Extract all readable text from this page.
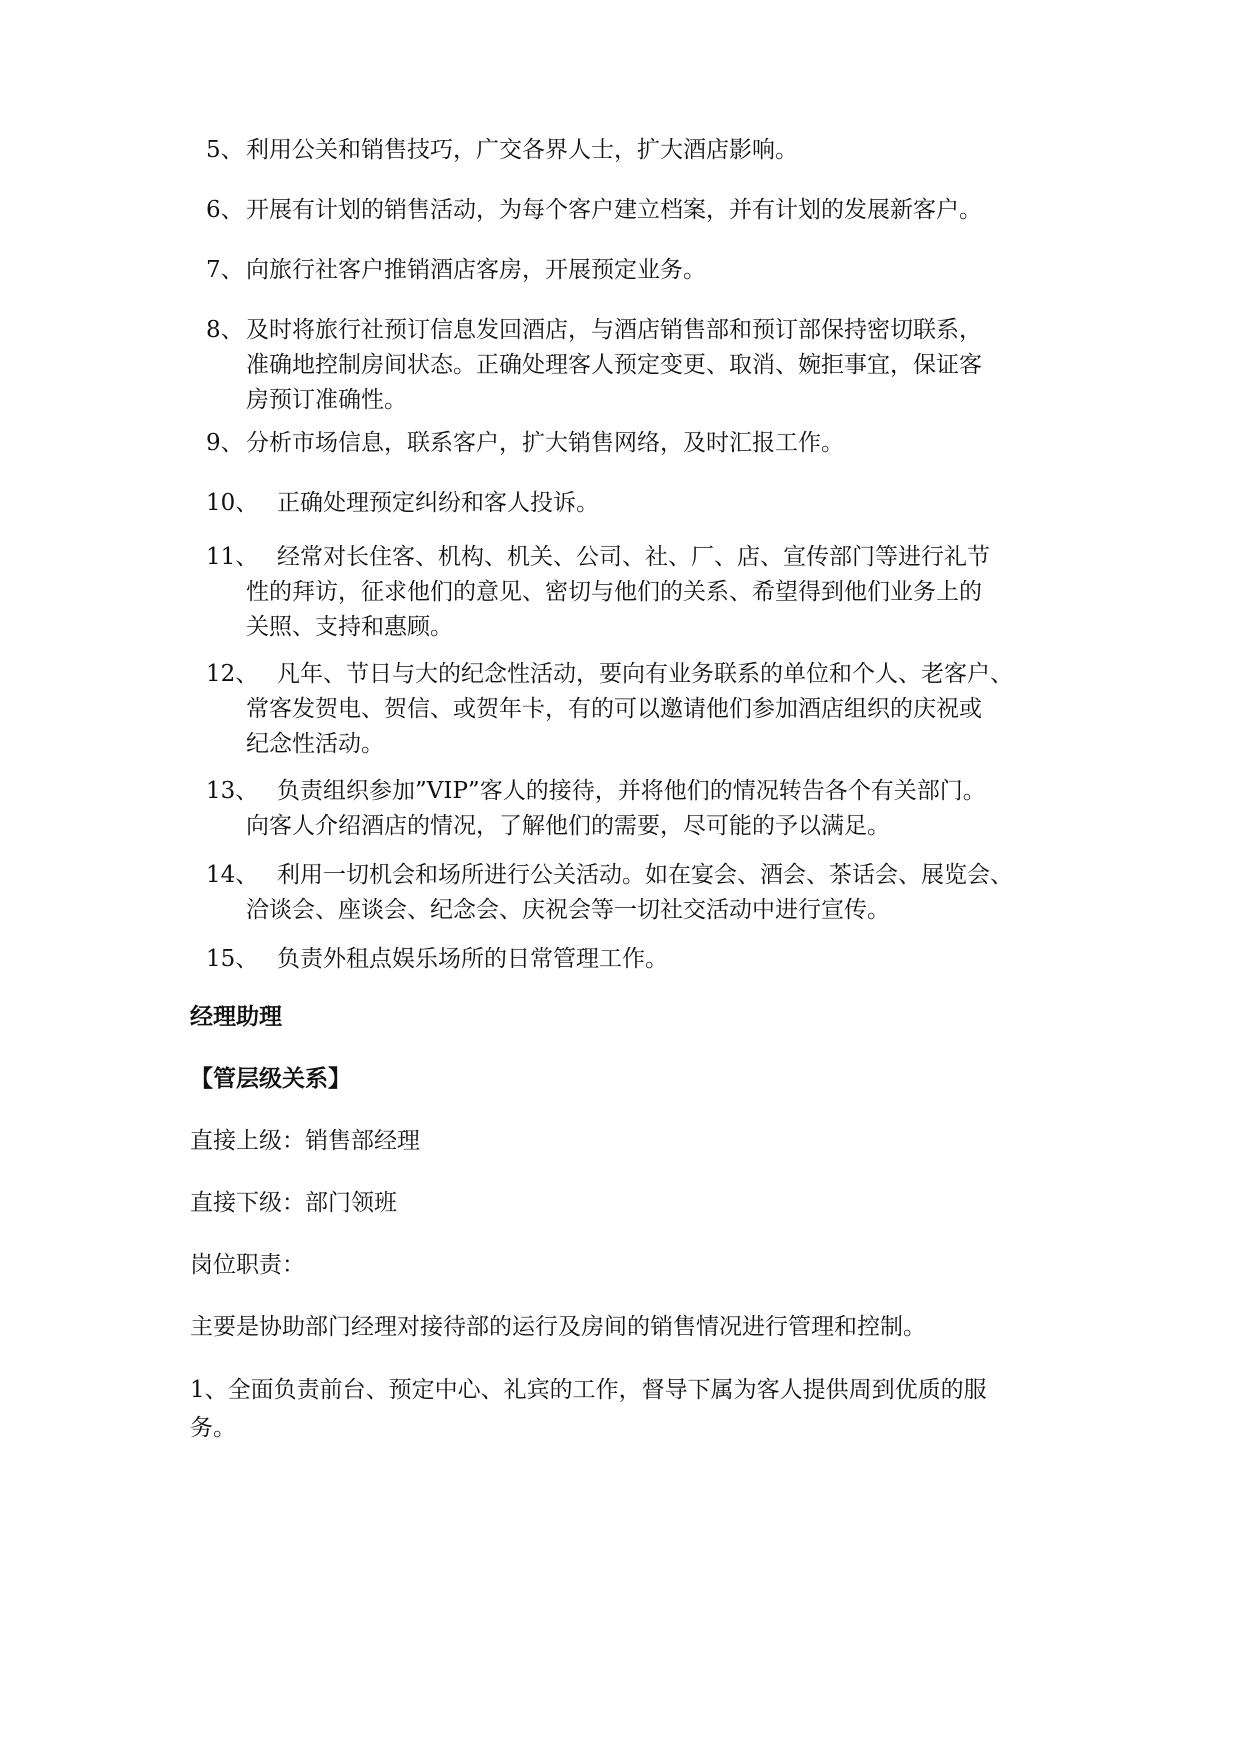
5、 利用公关和销售技巧，广交各界人士，扩大酒店影响。
6、 开展有计划的销售活动，为每个客户建立档案，并有计划的发展新客户。
7、 向旅行社客户推销酒店客房，开展预定业务。
8、 及时将旅行社预订信息发回酒店，与酒店销售部和预订部保持密切联系，
准确地控制房间状态。正确处理客人预定变更、取消、婉拒事宜，保证客
房预订准确性。
9、 分析市场信息，联系客户，扩大销售网络，及时汇报工作。
10、 正确处理预定纠纷和客人投诉。
11、 经常对长住客、机构、机关、公司、社、厂、店、宣传部门等进行礼节
性的拜访，征求他们的意见、密切与他们的关系、希望得到他们业务上的
关照、支持和惠顾。
12、 凡年、节日与大的纪念性活动，要向有业务联系的单位和个人、老客户、
常客发贺电、贺信、或贺年卡，有的可以邀请他们参加酒店组织的庆祝或
纪念性活动。
13、 负责组织参加”VIP”客人的接待，并将他们的情况转告各个有关部门。
向客人介绍酒店的情况，了解他们的需要，尽可能的予以满足。
14、 利用一切机会和场所进行公关活动。如在宴会、酒会、茶话会、展览会、
洽谈会、座谈会、纪念会、庆祝会等一切社交活动中进行宣传。
15、 负责外租点娱乐场所的日常管理工作。
经理助理
【管层级关系】
直接上级：销售部经理
直接下级：部门领班
岗位职责：
主要是协助部门经理对接待部的运行及房间的销售情况进行管理和控制。
1、全面负责前台、预定中心、礼宾的工作，督导下属为客人提供周到优质的服
务。
